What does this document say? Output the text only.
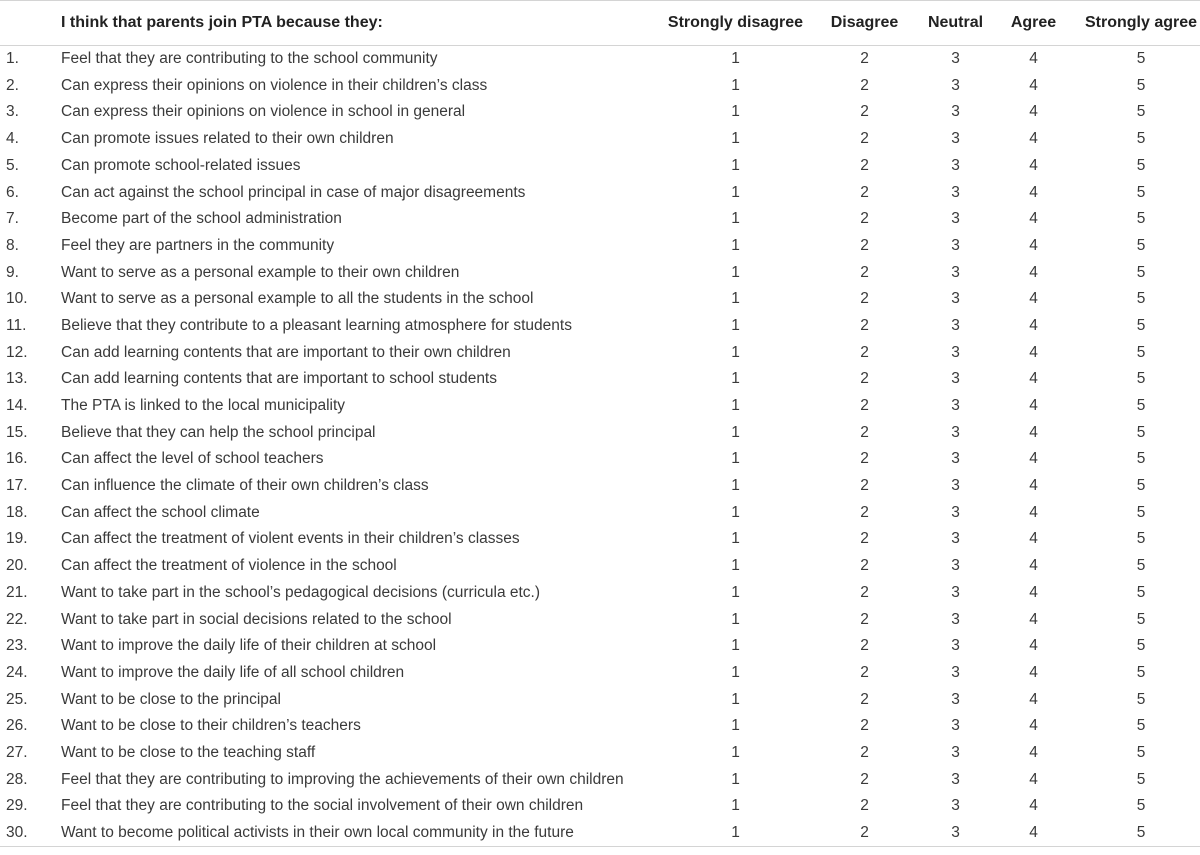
	I think that parents join PTA because they:	Strongly disagree	Disagree	Neutral	Agree	Strongly agree
1.	Feel that they are contributing to the school community	1	2	3	4	5
2.	Can express their opinions on violence in their children’s class	1	2	3	4	5
3.	Can express their opinions on violence in school in general	1	2	3	4	5
4.	Can promote issues related to their own children	1	2	3	4	5
5.	Can promote school-related issues	1	2	3	4	5
6.	Can act against the school principal in case of major disagreements	1	2	3	4	5
7.	Become part of the school administration	1	2	3	4	5
8.	Feel they are partners in the community	1	2	3	4	5
9.	Want to serve as a personal example to their own children	1	2	3	4	5
10.	Want to serve as a personal example to all the students in the school	1	2	3	4	5
11.	Believe that they contribute to a pleasant learning atmosphere for students	1	2	3	4	5
12.	Can add learning contents that are important to their own children	1	2	3	4	5
13.	Can add learning contents that are important to school students	1	2	3	4	5
14.	The PTA is linked to the local municipality	1	2	3	4	5
15.	Believe that they can help the school principal	1	2	3	4	5
16.	Can affect the level of school teachers	1	2	3	4	5
17.	Can influence the climate of their own children’s class	1	2	3	4	5
18.	Can affect the school climate	1	2	3	4	5
19.	Can affect the treatment of violent events in their children’s classes	1	2	3	4	5
20.	Can affect the treatment of violence in the school	1	2	3	4	5
21.	Want to take part in the school’s pedagogical decisions (curricula etc.)	1	2	3	4	5
22.	Want to take part in social decisions related to the school	1	2	3	4	5
23.	Want to improve the daily life of their children at school	1	2	3	4	5
24.	Want to improve the daily life of all school children	1	2	3	4	5
25.	Want to be close to the principal	1	2	3	4	5
26.	Want to be close to their children’s teachers	1	2	3	4	5
27.	Want to be close to the teaching staff	1	2	3	4	5
28.	Feel that they are contributing to improving the achievements of their own children	1	2	3	4	5
29.	Feel that they are contributing to the social involvement of their own children	1	2	3	4	5
30.	Want to become political activists in their own local community in the future	1	2	3	4	5
